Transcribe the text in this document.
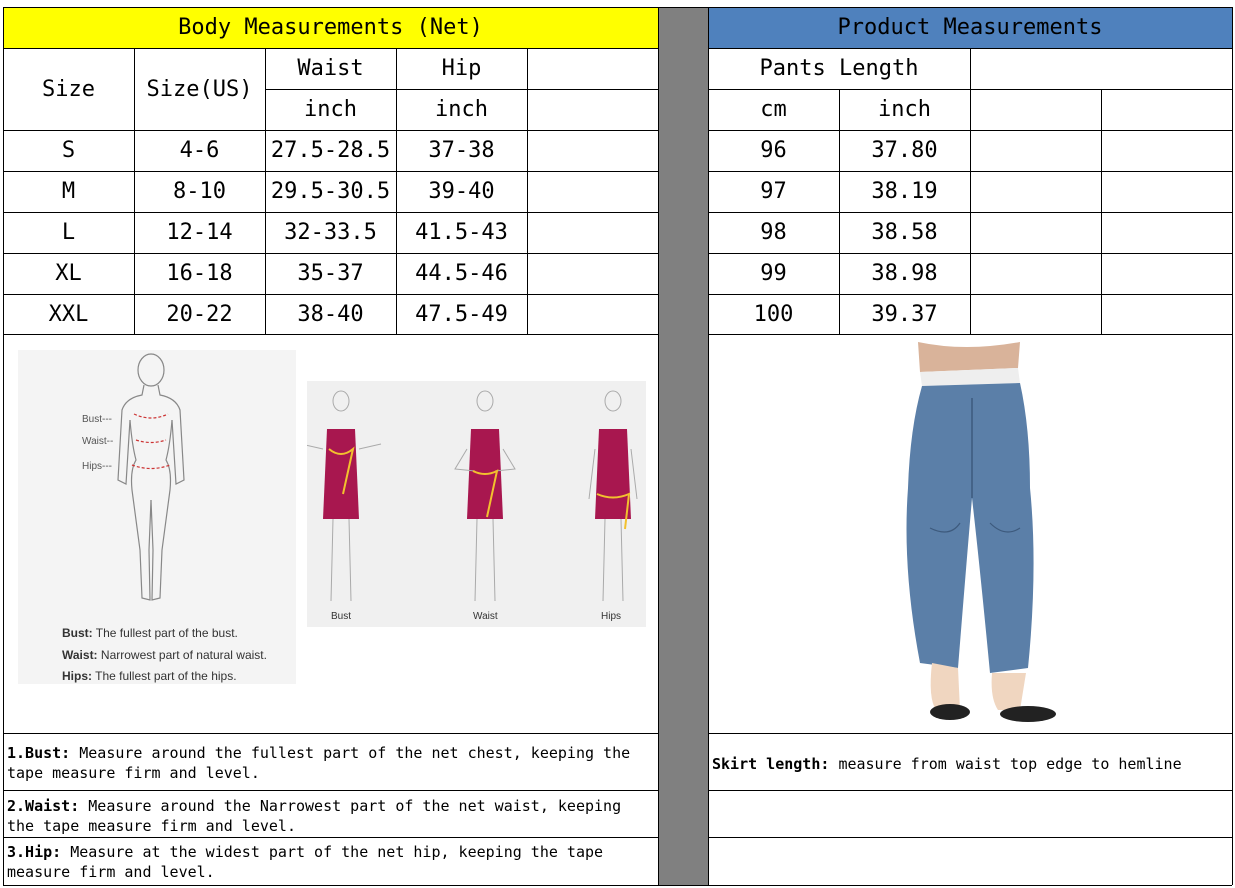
Body Measurements (Net)	Product Measurements
Size	Size(US)
Waist	Hip
inch	inch
Pants Length
cm	inch
S	4-6	27.5-28.5	37-38
M	8-10	29.5-30.5	39-40
L	12-14	32-33.5	41.5-43
XL	16-18	35-37	44.5-46
XXL	20-22	38-40	47.5-49
96	37.80
97	38.19
98	38.58
99	38.98
100	39.37
Bust---
Waist--
Hips---
Bust: The fullest part of the bust.
Waist: Narrowest part of natural waist.
Hips: The fullest part of the hips.
Bust	Waist	Hips
1.Bust: Measure around the fullest part of the net chest, keeping the tape measure firm and level.
2.Waist: Measure around the Narrowest part of the net waist, keeping the tape measure firm and level.
3.Hip: Measure at the widest part of the net hip, keeping the tape measure firm and level.
Skirt length: measure from waist top edge to hemline
